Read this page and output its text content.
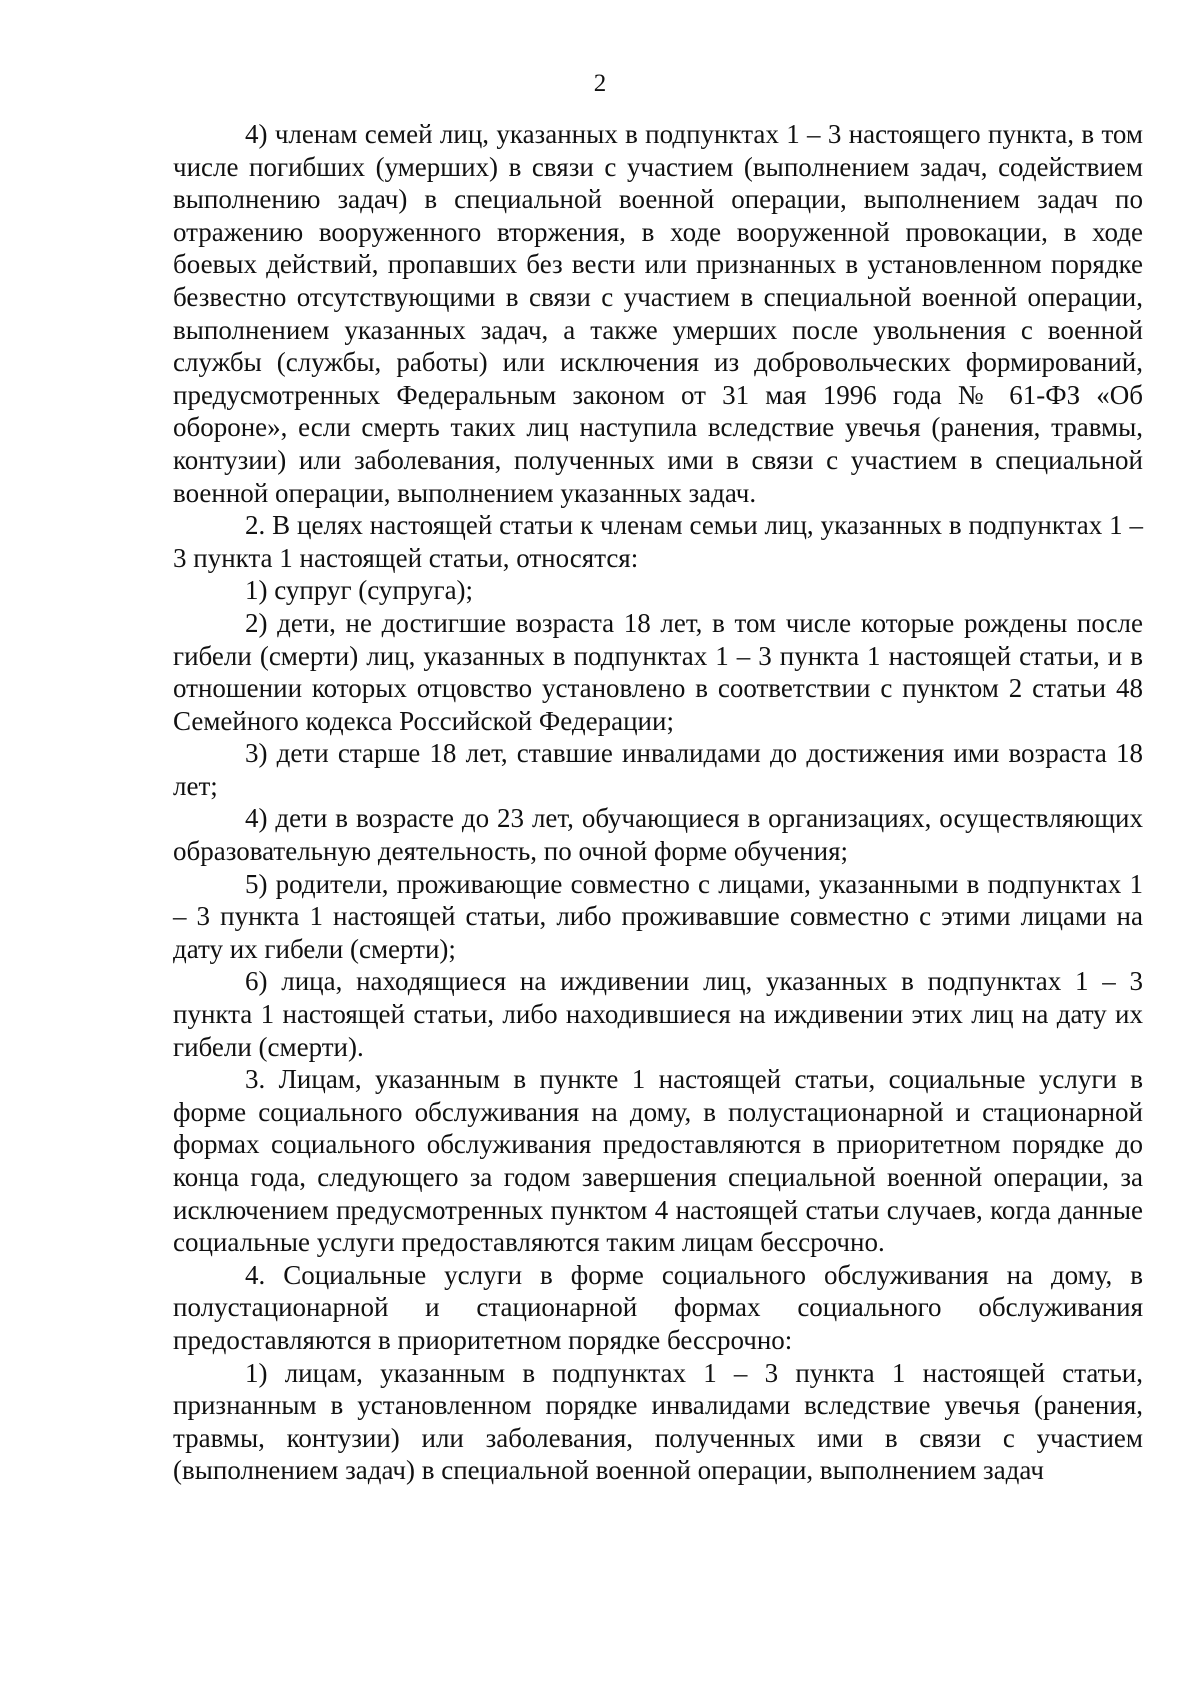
2

4) членам семей лиц, указанных в подпунктах 1 – 3 настоящего пункта, в том числе погибших (умерших) в связи с участием (выполнением задач, содействием выполнению задач) в специальной военной операции, выполнением задач по отражению вооруженного вторжения, в ходе вооруженной провокации, в ходе боевых действий, пропавших без вести или признанных в установленном порядке безвестно отсутствующими в связи с участием в специальной военной операции, выполнением указанных задач, а также умерших после увольнения с военной службы (службы, работы) или исключения из добровольческих формирований, предусмотренных Федеральным законом от 31 мая 1996 года № 61-ФЗ «Об обороне», если смерть таких лиц наступила вследствие увечья (ранения, травмы, контузии) или заболевания, полученных ими в связи с участием в специальной военной операции, выполнением указанных задач.

2. В целях настоящей статьи к членам семьи лиц, указанных в подпунктах 1 – 3 пункта 1 настоящей статьи, относятся:

1) супруг (супруга);

2) дети, не достигшие возраста 18 лет, в том числе которые рождены после гибели (смерти) лиц, указанных в подпунктах 1 – 3 пункта 1 настоящей статьи, и в отношении которых отцовство установлено в соответствии с пунктом 2 статьи 48 Семейного кодекса Российской Федерации;

3) дети старше 18 лет, ставшие инвалидами до достижения ими возраста 18 лет;

4) дети в возрасте до 23 лет, обучающиеся в организациях, осуществляющих образовательную деятельность, по очной форме обучения;

5) родители, проживающие совместно с лицами, указанными в подпунктах 1 – 3 пункта 1 настоящей статьи, либо проживавшие совместно с этими лицами на дату их гибели (смерти);

6) лица, находящиеся на иждивении лиц, указанных в подпунктах 1 – 3 пункта 1 настоящей статьи, либо находившиеся на иждивении этих лиц на дату их гибели (смерти).

3. Лицам, указанным в пункте 1 настоящей статьи, социальные услуги в форме социального обслуживания на дому, в полустационарной и стационарной формах социального обслуживания предоставляются в приоритетном порядке до конца года, следующего за годом завершения специальной военной операции, за исключением предусмотренных пунктом 4 настоящей статьи случаев, когда данные социальные услуги предоставляются таким лицам бессрочно.

4. Социальные услуги в форме социального обслуживания на дому, в полустационарной и стационарной формах социального обслуживания предоставляются в приоритетном порядке бессрочно:

1) лицам, указанным в подпунктах 1 – 3 пункта 1 настоящей статьи, признанным в установленном порядке инвалидами вследствие увечья (ранения, травмы, контузии) или заболевания, полученных ими в связи с участием (выполнением задач) в специальной военной операции, выполнением задач
